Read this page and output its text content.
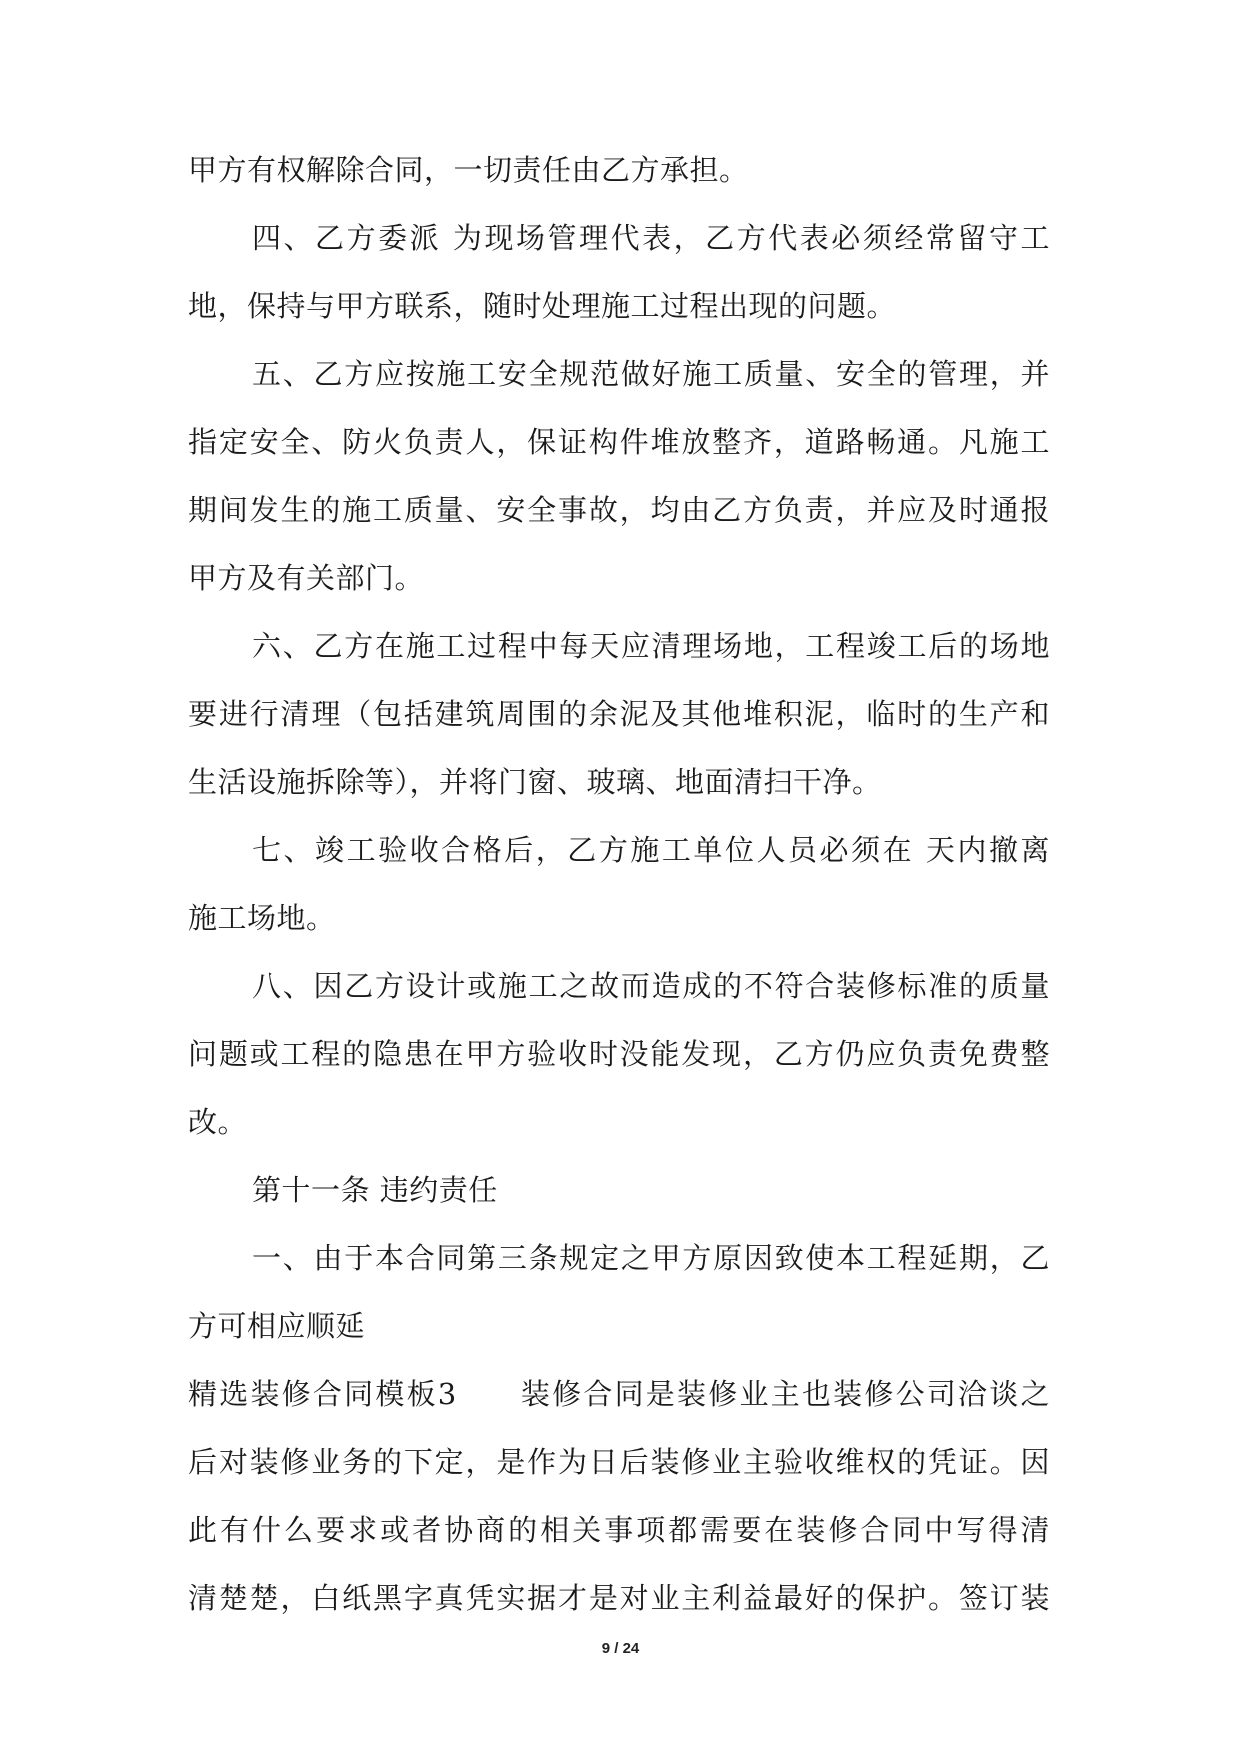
甲方有权解除合同，一切责任由乙方承担。
四、乙方委派 为现场管理代表，乙方代表必须经常留守工
地，保持与甲方联系，随时处理施工过程出现的问题。
五、乙方应按施工安全规范做好施工质量、安全的管理，并
指定安全、防火负责人，保证构件堆放整齐，道路畅通。凡施工
期间发生的施工质量、安全事故，均由乙方负责，并应及时通报
甲方及有关部门。
六、乙方在施工过程中每天应清理场地，工程竣工后的场地
要进行清理（包括建筑周围的余泥及其他堆积泥，临时的生产和
生活设施拆除等），并将门窗、玻璃、地面清扫干净。
七、竣工验收合格后，乙方施工单位人员必须在 天内撤离
施工场地。
八、因乙方设计或施工之故而造成的不符合装修标准的质量
问题或工程的隐患在甲方验收时没能发现，乙方仍应负责免费整
改。
第十一条 违约责任
一、由于本合同第三条规定之甲方原因致使本工程延期，乙
方可相应顺延
精选装修合同模板3　　装修合同是装修业主也装修公司洽谈之
后对装修业务的下定，是作为日后装修业主验收维权的凭证。因
此有什么要求或者协商的相关事项都需要在装修合同中写得清
清楚楚，白纸黑字真凭实据才是对业主利益最好的保护。签订装
9 / 24
